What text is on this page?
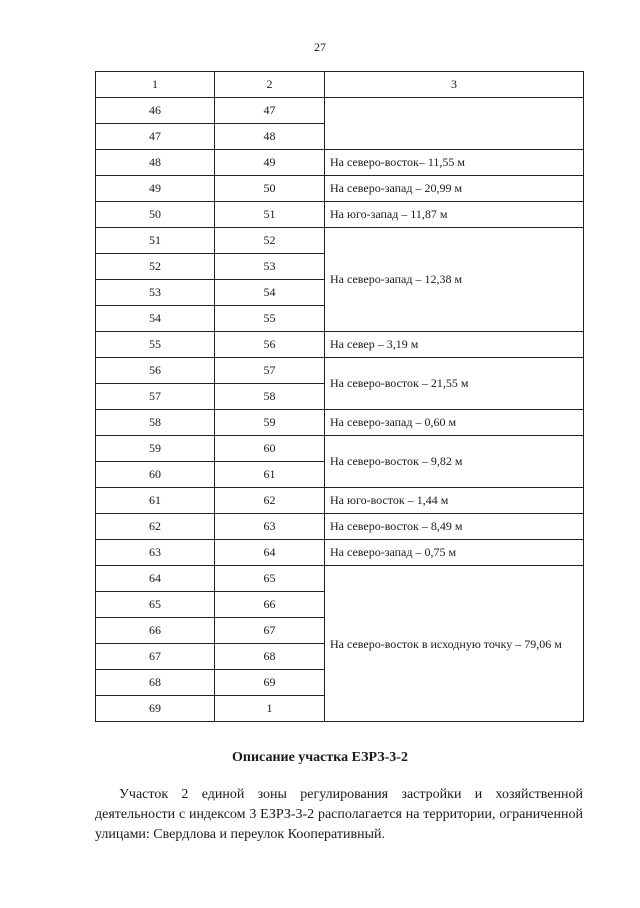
27
1	2	3
46	47	
47	48	
48	49	На северо-восток– 11,55 м
49	50	На северо-запад – 20,99 м
50	51	На юго-запад – 11,87 м
51	52	На северо-запад – 12,38 м
52	53	
53	54	
54	55	
55	56	На север – 3,19 м
56	57	На северо-восток – 21,55 м
57	58	
58	59	На северо-запад – 0,60 м
59	60	На северо-восток – 9,82 м
60	61	
61	62	На юго-восток – 1,44 м
62	63	На северо-восток – 8,49 м
63	64	На северо-запад – 0,75 м
64	65	На северо-восток в исходную точку – 79,06 м
65	66	
66	67	
67	68	
68	69	
69	1	
Описание участка ЕЗРЗ-3-2
Участок 2 единой зоны регулирования застройки и хозяйственной деятельности с индексом 3 ЕЗРЗ-3-2 располагается на территории, ограниченной улицами: Свердлова и переулок Кооперативный.
